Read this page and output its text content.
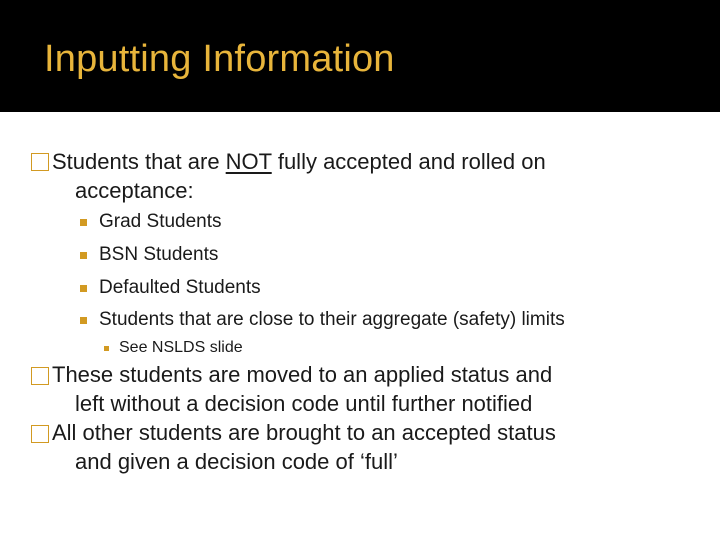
Inputting Information
Students that are NOT fully accepted and rolled on
acceptance:
Grad Students
BSN Students
Defaulted Students
Students that are close to their aggregate (safety) limits
See NSLDS slide
These students are moved to an applied status and
left without a decision code until further notified
All other students are brought to an accepted status
and given a decision code of ‘full’
